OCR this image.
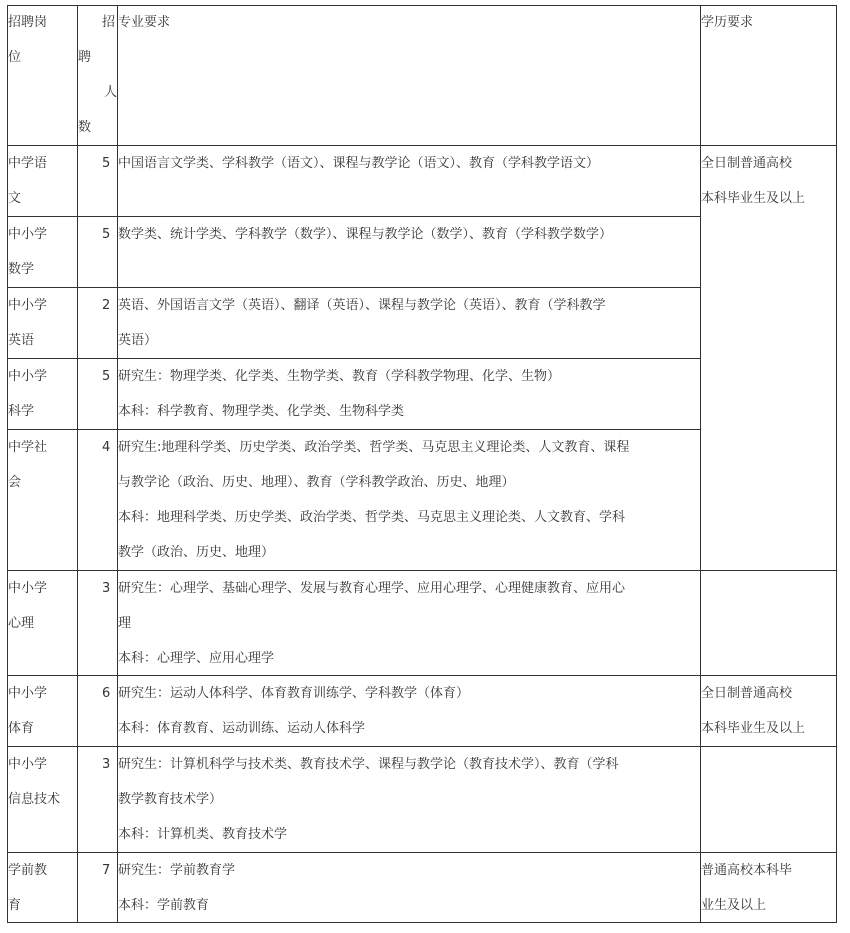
招聘岗

位

招

聘

人

数

专业要求	学历要求

中学语

文

5 中国语言文学类、学科教学（语文）、课程与教学论（语文）、教育（学科教学语文）

中小学

数学

5 数学类、统计学类、学科教学（数学）、课程与教学论（数学）、教育（学科教学数学）

中小学

英语

2 英语、外国语言文学（英语）、翻译（英语）、课程与教学论（英语）、教育（学科教学

英语）

中小学

科学

5 研究生：物理学类、化学类、生物学类、教育（学科教学物理、化学、生物）

本科：科学教育、物理学类、化学类、生物科学类

中学社

会

4 研究生:地理科学类、历史学类、政治学类、哲学类、马克思主义理论类、人文教育、课程

与教学论（政治、历史、地理）、教育（学科教学政治、历史、地理）

本科：地理科学类、历史学类、政治学类、哲学类、马克思主义理论类、人文教育、学科

教学（政治、历史、地理）

中小学

心理

3 研究生：心理学、基础心理学、发展与教育心理学、应用心理学、心理健康教育、应用心

理

本科：心理学、应用心理学

中小学

体育

6 研究生：运动人体科学、体育教育训练学、学科教学（体育）

本科：体育教育、运动训练、运动人体科学

中小学

信息技术

3 研究生：计算机科学与技术类、教育技术学、课程与教学论（教育技术学）、教育（学科

教学教育技术学）

本科：计算机类、教育技术学

学前教

育

7 研究生：学前教育学

本科：学前教育

全日制普通高校

本科毕业生及以上

全日制普通高校

本科毕业生及以上

普通高校本科毕

业生及以上
